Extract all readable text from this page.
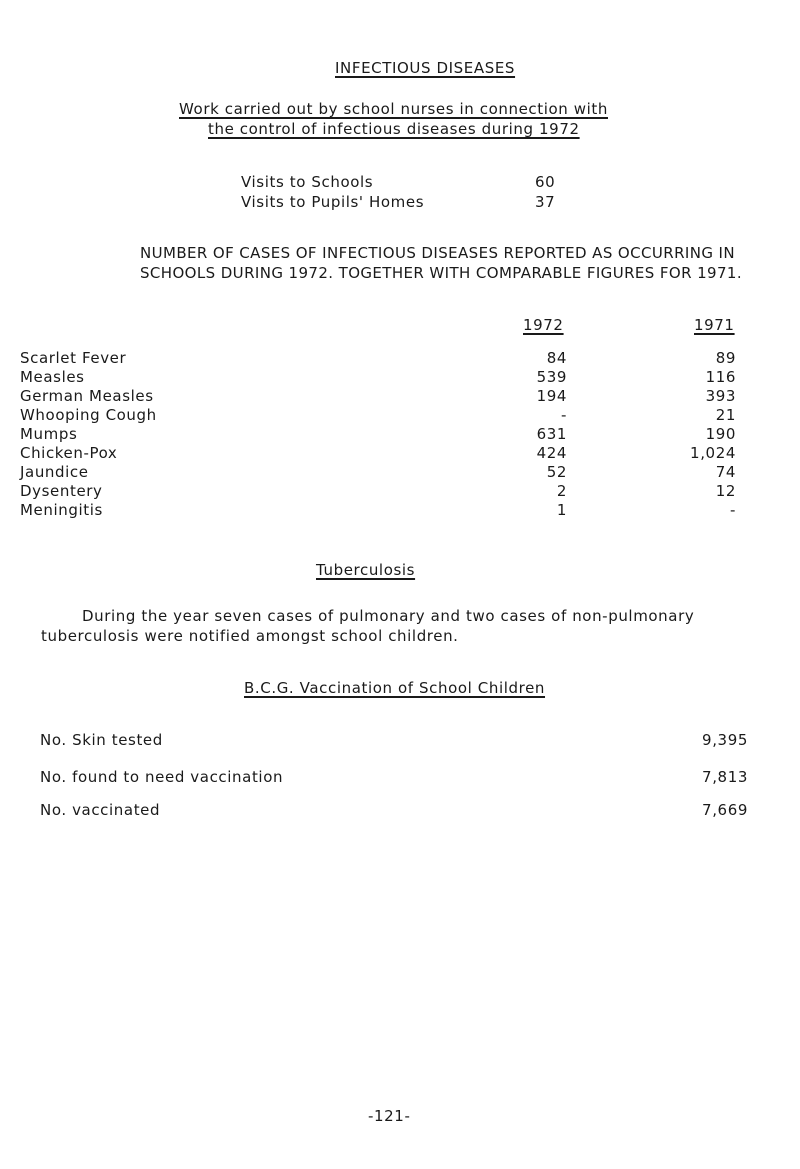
INFECTIOUS DISEASES
Work carried out by school nurses in connection with
the control of infectious diseases during 1972
Visits to Schools	60
Visits to Pupils' Homes	37
NUMBER OF CASES OF INFECTIOUS DISEASES REPORTED AS OCCURRING IN
SCHOOLS DURING 1972. TOGETHER WITH COMPARABLE FIGURES FOR 1971.
1972	1971
Scarlet Fever	84	89
Measles	539	116
German Measles	194	393
Whooping Cough	-	21
Mumps	631	190
Chicken-Pox	424	1,024
Jaundice	52	74
Dysentery	2	12
Meningitis	1	-
Tuberculosis
During the year seven cases of pulmonary and two cases of non-pulmonary
tuberculosis were notified amongst school children.
B.C.G. Vaccination of School Children
No. Skin tested	9,395
No. found to need vaccination	7,813
No. vaccinated	7,669
-121-
